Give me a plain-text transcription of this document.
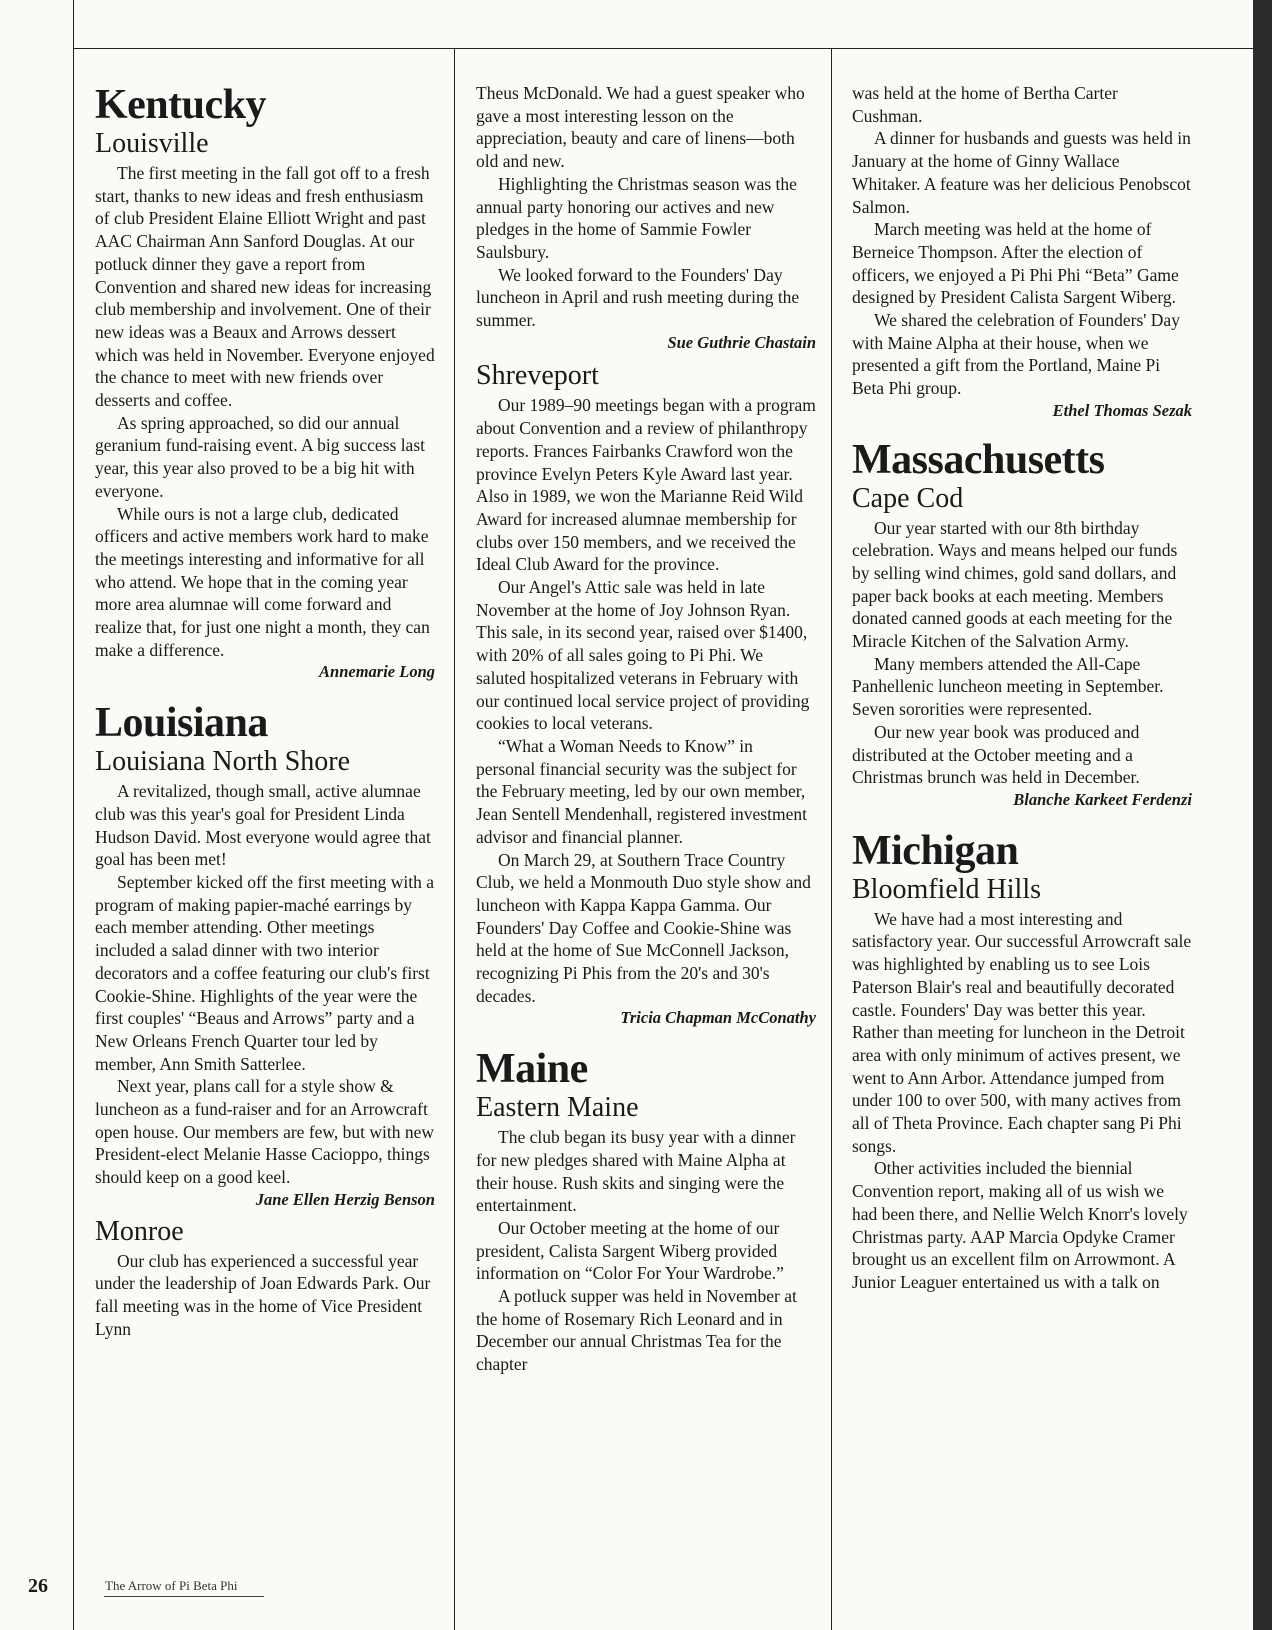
Kentucky
Louisville

The first meeting in the fall got off to a fresh start, thanks to new ideas and fresh enthusiasm of club President Elaine Elliott Wright and past AAC Chairman Ann Sanford Douglas. At our potluck dinner they gave a report from Convention and shared new ideas for increasing club membership and involvement. One of their new ideas was a Beaux and Arrows dessert which was held in November. Everyone enjoyed the chance to meet with new friends over desserts and coffee.

As spring approached, so did our annual geranium fund-raising event. A big success last year, this year also proved to be a big hit with everyone.

While ours is not a large club, dedicated officers and active members work hard to make the meetings interesting and informative for all who attend. We hope that in the coming year more area alumnae will come forward and realize that, for just one night a month, they can make a difference.

Annemarie Long

Louisiana
Louisiana North Shore

A revitalized, though small, active alumnae club was this year's goal for President Linda Hudson David. Most everyone would agree that goal has been met!

September kicked off the first meeting with a program of making papier-maché earrings by each member attending. Other meetings included a salad dinner with two interior decorators and a coffee featuring our club's first Cookie-Shine. Highlights of the year were the first couples' “Beaus and Arrows” party and a New Orleans French Quarter tour led by member, Ann Smith Satterlee.

Next year, plans call for a style show & luncheon as a fund-raiser and for an Arrowcraft open house. Our members are few, but with new President-elect Melanie Hasse Cacioppo, things should keep on a good keel.

Jane Ellen Herzig Benson

Monroe

Our club has experienced a successful year under the leadership of Joan Edwards Park. Our fall meeting was in the home of Vice President Lynn

Theus McDonald. We had a guest speaker who gave a most interesting lesson on the appreciation, beauty and care of linens—both old and new.

Highlighting the Christmas season was the annual party honoring our actives and new pledges in the home of Sammie Fowler Saulsbury.

We looked forward to the Founders' Day luncheon in April and rush meeting during the summer.

Sue Guthrie Chastain

Shreveport

Our 1989–90 meetings began with a program about Convention and a review of philanthropy reports. Frances Fairbanks Crawford won the province Evelyn Peters Kyle Award last year. Also in 1989, we won the Marianne Reid Wild Award for increased alumnae membership for clubs over 150 members, and we received the Ideal Club Award for the province.

Our Angel's Attic sale was held in late November at the home of Joy Johnson Ryan. This sale, in its second year, raised over $1400, with 20% of all sales going to Pi Phi. We saluted hospitalized veterans in February with our continued local service project of providing cookies to local veterans.

“What a Woman Needs to Know” in personal financial security was the subject for the February meeting, led by our own member, Jean Sentell Mendenhall, registered investment advisor and financial planner.

On March 29, at Southern Trace Country Club, we held a Monmouth Duo style show and luncheon with Kappa Kappa Gamma. Our Founders' Day Coffee and Cookie-Shine was held at the home of Sue McConnell Jackson, recognizing Pi Phis from the 20's and 30's decades.

Tricia Chapman McConathy

Maine
Eastern Maine

The club began its busy year with a dinner for new pledges shared with Maine Alpha at their house. Rush skits and singing were the entertainment.

Our October meeting at the home of our president, Calista Sargent Wiberg provided information on “Color For Your Wardrobe.”

A potluck supper was held in November at the home of Rosemary Rich Leonard and in December our annual Christmas Tea for the chapter

was held at the home of Bertha Carter Cushman.

A dinner for husbands and guests was held in January at the home of Ginny Wallace Whitaker. A feature was her delicious Penobscot Salmon.

March meeting was held at the home of Berneice Thompson. After the election of officers, we enjoyed a Pi Phi Phi “Beta” Game designed by President Calista Sargent Wiberg.

We shared the celebration of Founders' Day with Maine Alpha at their house, when we presented a gift from the Portland, Maine Pi Beta Phi group.

Ethel Thomas Sezak

Massachusetts
Cape Cod

Our year started with our 8th birthday celebration. Ways and means helped our funds by selling wind chimes, gold sand dollars, and paper back books at each meeting. Members donated canned goods at each meeting for the Miracle Kitchen of the Salvation Army.

Many members attended the All-Cape Panhellenic luncheon meeting in September. Seven sororities were represented.

Our new year book was produced and distributed at the October meeting and a Christmas brunch was held in December.

Blanche Karkeet Ferdenzi

Michigan
Bloomfield Hills

We have had a most interesting and satisfactory year. Our successful Arrowcraft sale was highlighted by enabling us to see Lois Paterson Blair's real and beautifully decorated castle. Founders' Day was better this year. Rather than meeting for luncheon in the Detroit area with only minimum of actives present, we went to Ann Arbor. Attendance jumped from under 100 to over 500, with many actives from all of Theta Province. Each chapter sang Pi Phi songs.

Other activities included the biennial Convention report, making all of us wish we had been there, and Nellie Welch Knorr's lovely Christmas party. AAP Marcia Opdyke Cramer brought us an excellent film on Arrowmont. A Junior Leaguer entertained us with a talk on

26	The Arrow of Pi Beta Phi
